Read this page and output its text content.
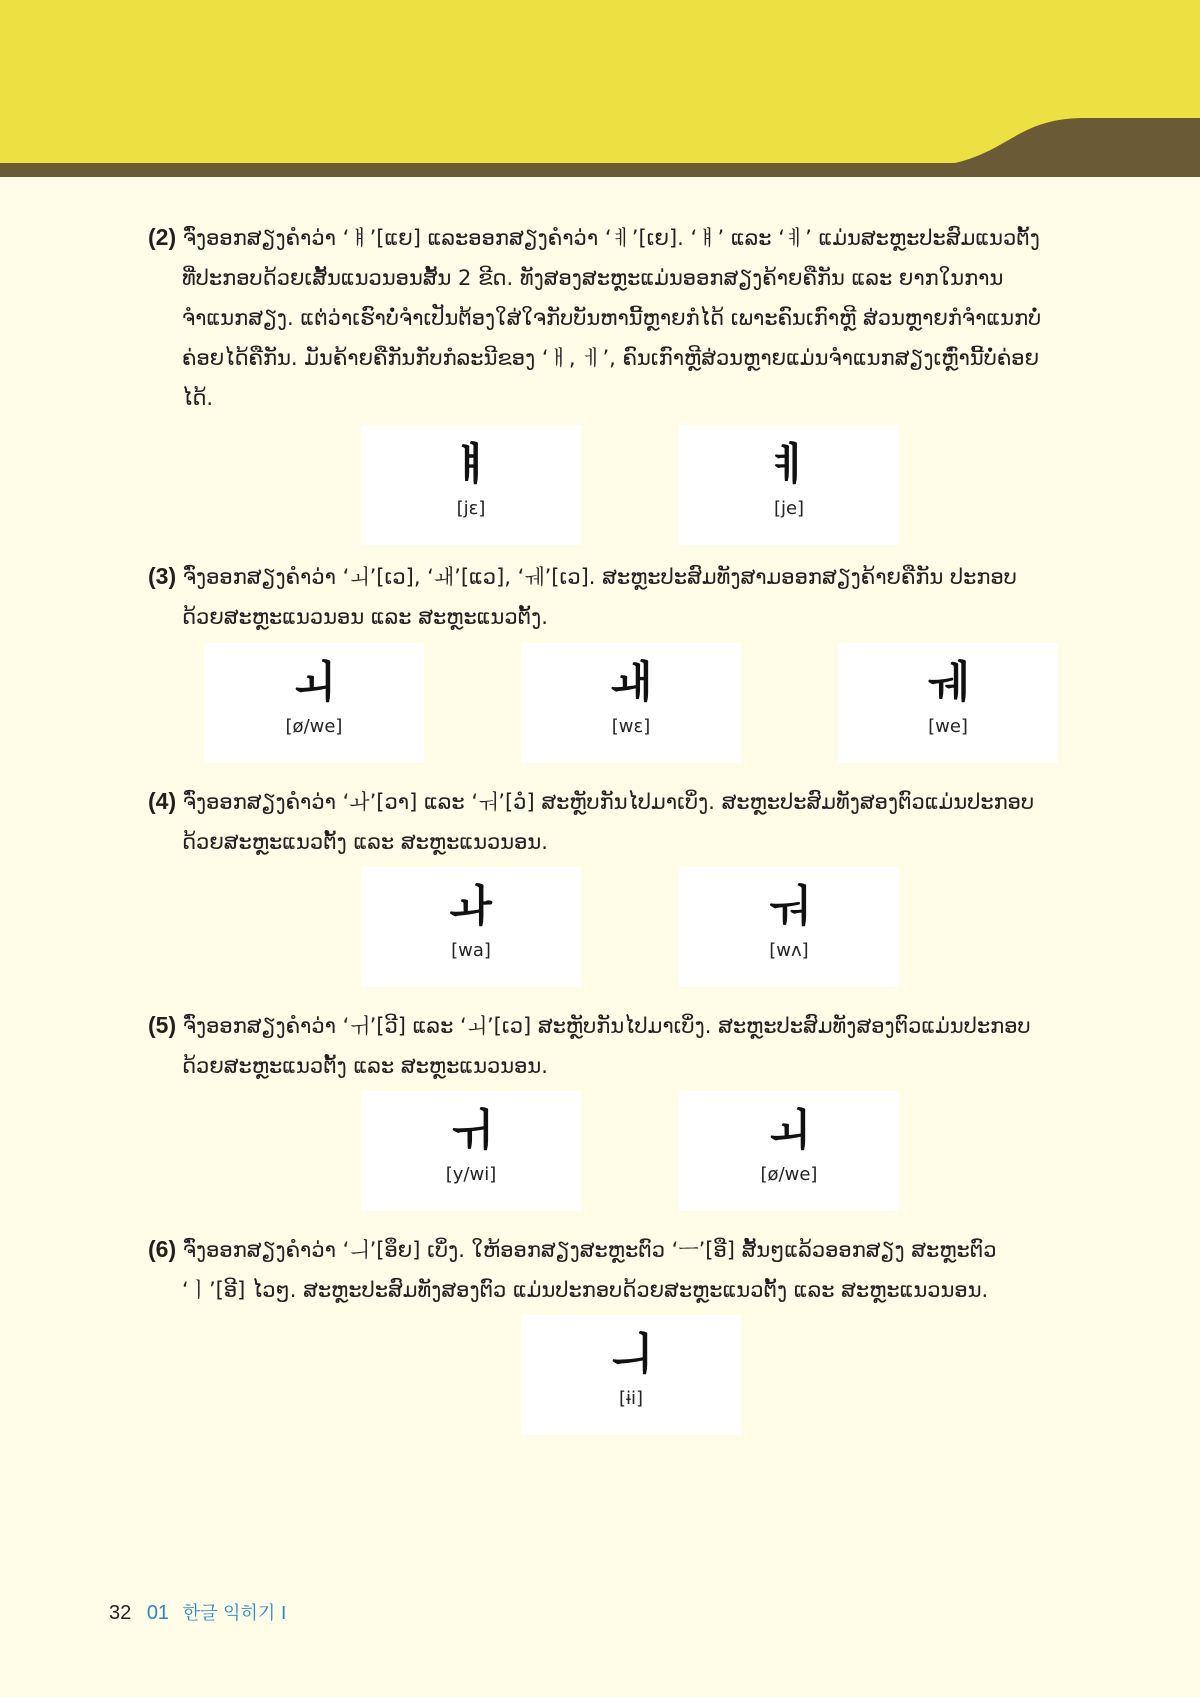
(2) ຈົ່ງອອກສຽງຄຳວ່າ ‘ㅒ’[ແຍ] ແລະອອກສຽງຄຳວ່າ ‘ㅖ’[ເຍ]. ‘ㅒ’ ແລະ ‘ㅖ’ ແມ່ນສະຫຼະປະສົມແນວຕັ້ງ ທີ່ປະກອບດ້ວຍເສັ້ນແນວນອນສັ້ນ 2 ຂີດ. ທັງສອງສະຫຼະແມ່ນອອກສຽງຄ້າຍຄືກັນ ແລະ ຍາກໃນການຈຳແນກສຽງ. ແຕ່ວ່າເຮົາບໍ່ຈຳເປັນຕ້ອງໃສ່ໃຈກັບບັນຫານີ້ຫຼາຍກໍໄດ້ ເພາະຄົນເກົາຫຼີ ສ່ວນຫຼາຍກໍຈຳແນກບໍ່ຄ່ອຍໄດ້ຄືກັນ. ມັນຄ້າຍຄືກັນກັບກໍລະນີຂອງ ‘ㅐ, ㅔ’, ຄົນເກົາຫຼີສ່ວນຫຼາຍແມ່ນຈຳແນກສຽງເຫຼົ່ານີ້ບໍ່ຄ່ອຍໄດ້.

ㅒ
[jɛ]
ㅖ
[je]

(3) ຈົ່ງອອກສຽງຄຳວ່າ ‘ㅚ’[ເວ], ‘ㅙ’[ແວ], ‘ㅞ’[ເວ]. ສະຫຼະປະສົມທັງສາມອອກສຽງຄ້າຍຄືກັນ ປະກອບດ້ວຍສະຫຼະແນວນອນ ແລະ ສະຫຼະແນວຕັ້ງ.

ㅚ
[ø/we]
ㅙ
[wɛ]
ㅞ
[we]

(4) ຈົ່ງອອກສຽງຄຳວ່າ ‘ㅘ’[ວາ] ແລະ ‘ㅝ’[ວໍ] ສະຫຼັບກັນໄປມາເບິ່ງ. ສະຫຼະປະສົມທັງສອງຕົວແມ່ນປະກອບດ້ວຍສະຫຼະແນວຕັ້ງ ແລະ ສະຫຼະແນວນອນ.

ㅘ
[wa]
ㅝ
[wʌ]

(5) ຈົ່ງອອກສຽງຄຳວ່າ ‘ㅟ’[ວີ] ແລະ ‘ㅚ’[ເວ] ສະຫຼັບກັນໄປມາເບິ່ງ. ສະຫຼະປະສົມທັງສອງຕົວແມ່ນປະກອບດ້ວຍສະຫຼະແນວຕັ້ງ ແລະ ສະຫຼະແນວນອນ.

ㅟ
[y/wi]
ㅚ
[ø/we]

(6) ຈົ່ງອອກສຽງຄຳວ່າ ‘ㅢ’[ອຶຍ] ເບິ່ງ. ໃຫ້ອອກສຽງສະຫຼະຕົວ ‘ㅡ’[ອື] ສັ້ນໆແລ້ວອອກສຽງ ສະຫຼະຕົວ ‘ㅣ’[ອີ] ໄວໆ. ສະຫຼະປະສົມທັງສອງຕົວ ແມ່ນປະກອບດ້ວຍສະຫຼະແນວຕັ້ງ ແລະ ສະຫຼະແນວນອນ.

ㅢ
[ɨi]
32 01 한글 익히기 Ⅰ
